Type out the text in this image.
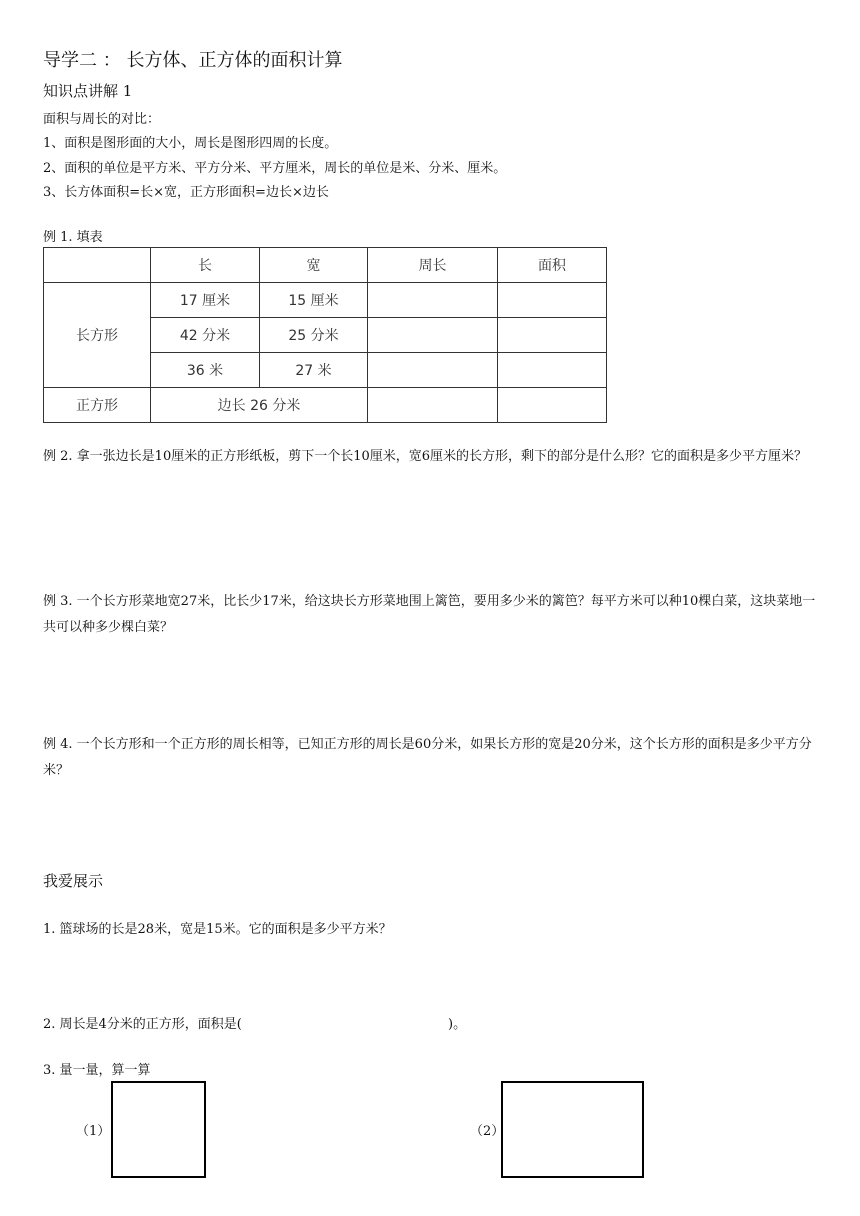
导学二 ： 长方体、正方体的面积计算
知识点讲解 1
面积与周长的对比：
1、面积是图形面的大小，周长是图形四周的长度。
2、面积的单位是平方米、平方分米、平方厘米，周长的单位是米、分米、厘米。
3、长方体面积=长×宽，正方形面积=边长×边长
例 1. 填表
	长	宽	周长	面积
长方形	17 厘米	15 厘米		
	42 分米	25 分米		
	36 米	27 米		
正方形	边长 26 分米			
例 2. 拿一张边长是10厘米的正方形纸板，剪下一个长10厘米，宽6厘米的长方形，剩下的部分是什么形？它的面积是多少平方厘米？
例 3. 一个长方形菜地宽27米，比长少17米，给这块长方形菜地围上篱笆，要用多少米的篱笆？每平方米可以种10棵白菜，这块菜地一共可以种多少棵白菜？
例 4. 一个长方形和一个正方形的周长相等，已知正方形的周长是60分米，如果长方形的宽是20分米，这个长方形的面积是多少平方分米？
我爱展示
1. 篮球场的长是28米，宽是15米。它的面积是多少平方米？
2. 周长是4分米的正方形，面积是(	)。
3. 量一量，算一算
（1）	（2）
